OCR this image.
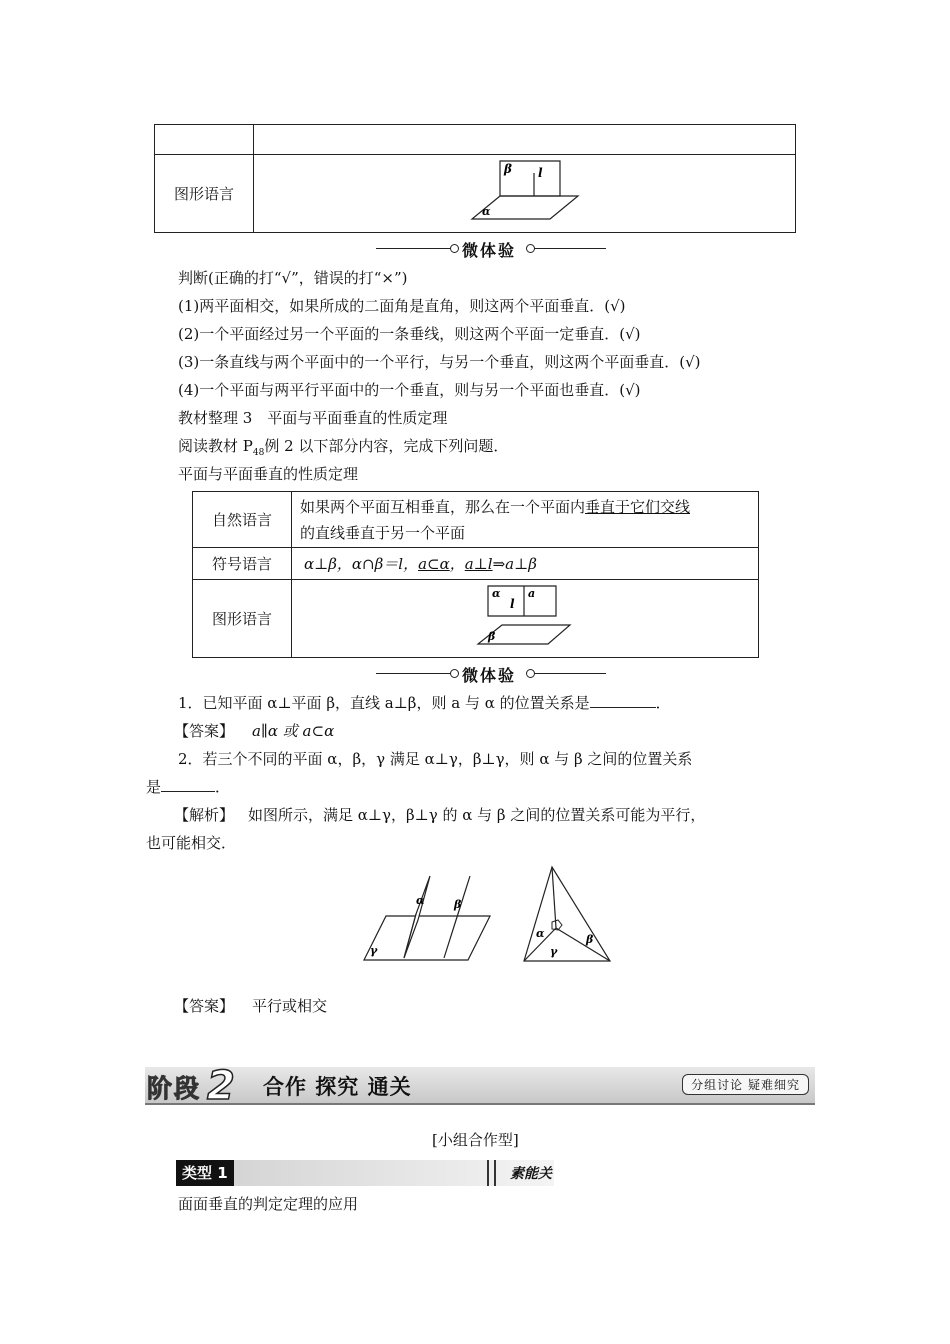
图形语言	β l
α
微体验
判断(正确的打“√”，错误的打“×”)
(1)两平面相交，如果所成的二面角是直角，则这两个平面垂直．(√)
(2)一个平面经过另一个平面的一条垂线，则这两个平面一定垂直．(√)
(3)一条直线与两个平面中的一个平行，与另一个垂直，则这两个平面垂直．(√)
(4)一个平面与两平行平面中的一个垂直，则与另一个平面也垂直．(√)
教材整理 3　平面与平面垂直的性质定理
阅读教材 $P_{48}$例 2 以下部分内容，完成下列问题．
平面与平面垂直的性质定理
自然语言	如果两个平面互相垂直，那么在一个平面内垂直于它们交线
的直线垂直于另一个平面
符号语言	α⊥β，α∩β＝l，a⊂α，a⊥l⇒a⊥β
图形语言	α
l
a
β
微体验
1．已知平面 α⊥平面 β，直线 a⊥β，则 a 与 α 的位置关系是	．
【答案】 a∥α 或 a⊂α
2．若三个不同的平面 α，β，γ 满足 α⊥γ，β⊥γ，则 α 与 β 之间的位置关系
是	．
【解析】 如图所示，满足 α⊥γ，β⊥γ 的 α 与 β 之间的位置关系可能为平行，
也可能相交．
α	β
γ
α	β
γ
【答案】 平行或相交
阶段 2	合作 探究 通关	分组讨论 疑难细究
[小组合作型]
类型 1	素能关
面面垂直的判定定理的应用
